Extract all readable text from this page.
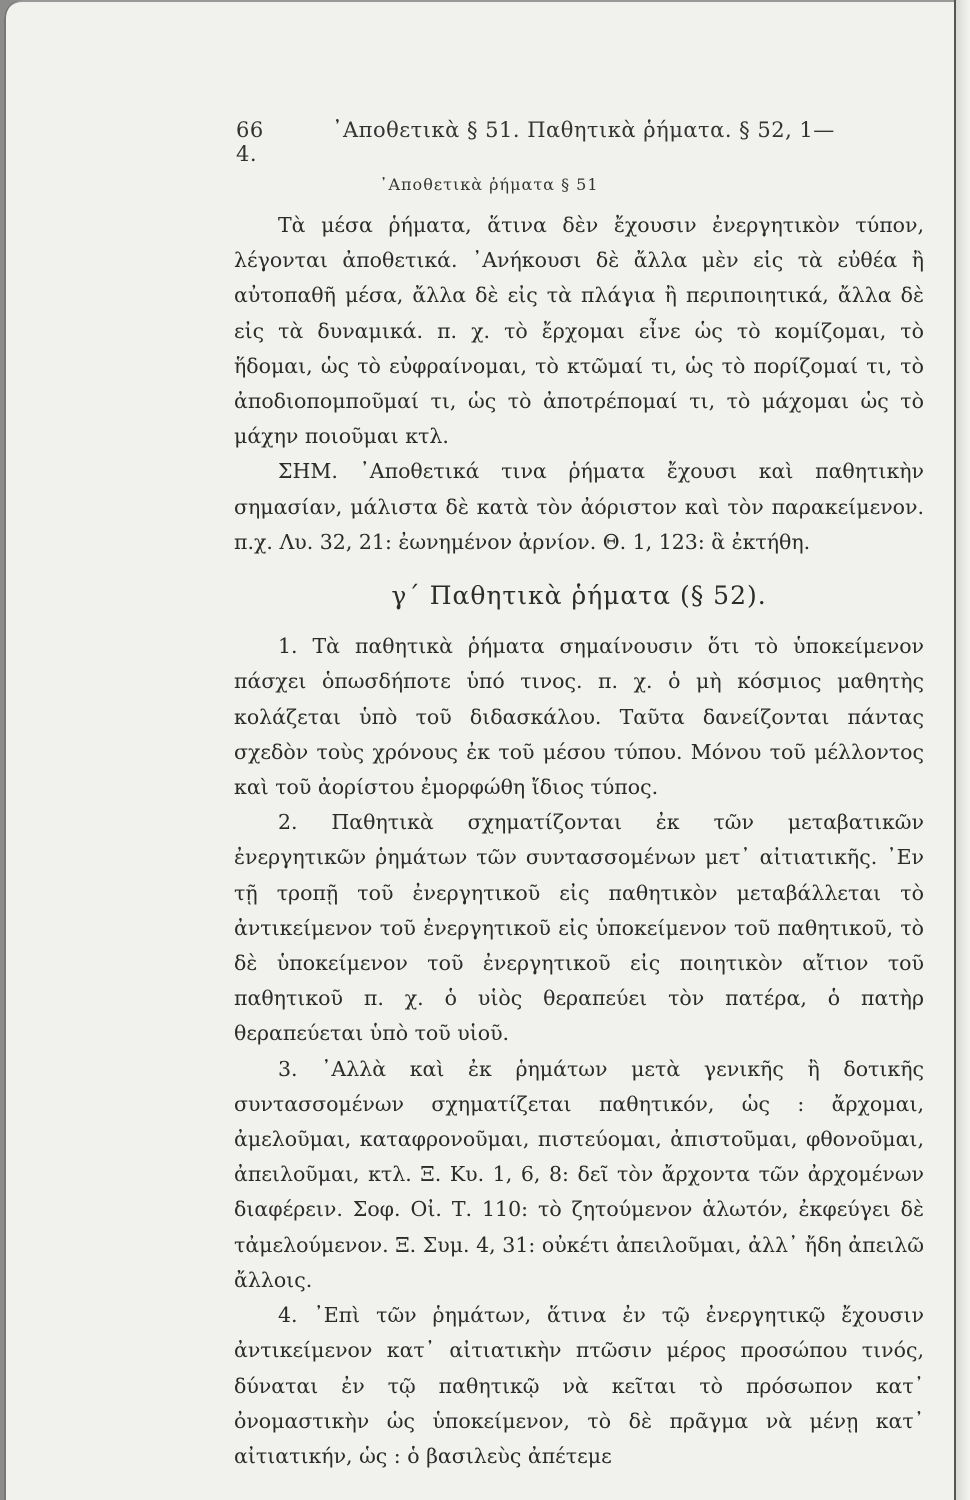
66	᾿Αποθετικὰ § 51. Παθητικὰ ῥήματα. § 52, 1—4.
᾿Αποθετικὰ ῥήματα § 51

Τὰ μέσα ῥήματα, ἅτινα δὲν ἔχουσιν ἐνεργητικὸν τύπον, λέγονται ἀποθετικά. ᾿Ανήκουσι δὲ ἄλλα μὲν εἰς τὰ εὐθέα ἢ αὐτοπαθῆ μέσα, ἄλλα δὲ εἰς τὰ πλάγια ἢ περιποιητικά, ἄλλα δὲ εἰς τὰ δυναμικά. π. χ. τὸ ἔρχομαι εἶνε ὡς τὸ κομίζομαι, τὸ ἥδομαι, ὡς τὸ εὐφραίνομαι, τὸ κτῶμαί τι, ὡς τὸ πορίζομαί τι, τὸ ἀποδιοπομποῦμαί τι, ὡς τὸ ἀποτρέπομαί τι, τὸ μάχομαι ὡς τὸ μάχην ποιοῦμαι κτλ.

ΣΗΜ. ᾿Αποθετικά τινα ῥήματα ἔχουσι καὶ παθητικὴν σημασίαν, μάλιστα δὲ κατὰ τὸν ἀόριστον καὶ τὸν παρακείμενον. π.χ. Λυ. 32, 21: ἐωνημένον ἀρνίον. Θ. 1, 123: ἃ ἐκτήθη.

γ΄ Παθητικὰ ῥήματα (§ 52).

1. Τὰ παθητικὰ ῥήματα σημαίνουσιν ὅτι τὸ ὑποκείμενον πάσχει ὁπωσδήποτε ὑπό τινος. π. χ. ὁ μὴ κόσμιος μαθητὴς κολάζεται ὑπὸ τοῦ διδασκάλου. Ταῦτα δανείζονται πάντας σχεδὸν τοὺς χρόνους ἐκ τοῦ μέσου τύπου. Μόνου τοῦ μέλλοντος καὶ τοῦ ἀορίστου ἐμορφώθη ἴδιος τύπος.

2. Παθητικὰ σχηματίζονται ἐκ τῶν μεταβατικῶν ἐνεργητικῶν ῥημάτων τῶν συντασσομένων μετ᾿ αἰτιατικῆς. ᾿Εν τῇ τροπῇ τοῦ ἐνεργητικοῦ εἰς παθητικὸν μεταβάλλεται τὸ ἀντικείμενον τοῦ ἐνεργητικοῦ εἰς ὑποκείμενον τοῦ παθητικοῦ, τὸ δὲ ὑποκείμενον τοῦ ἐνεργητικοῦ εἰς ποιητικὸν αἴτιον τοῦ παθητικοῦ π. χ. ὁ υἱὸς θεραπεύει τὸν πατέρα, ὁ πατὴρ θεραπεύεται ὑπὸ τοῦ υἱοῦ.

3. ᾿Αλλὰ καὶ ἐκ ῥημάτων μετὰ γενικῆς ἢ δοτικῆς συντασσομένων σχηματίζεται παθητικόν, ὡς : ἄρχομαι, ἀμελοῦμαι, καταφρονοῦμαι, πιστεύομαι, ἀπιστοῦμαι, φθονοῦμαι, ἀπειλοῦμαι, κτλ. Ξ. Κυ. 1, 6, 8: δεῖ τὸν ἄρχοντα τῶν ἀρχομένων διαφέρειν. Σοφ. Οἰ. Τ. 110: τὸ ζητούμενον ἁλωτόν, ἐκφεύγει δὲ τἀμελούμενον. Ξ. Συμ. 4, 31: οὐκέτι ἀπειλοῦμαι, ἀλλ᾿ ἤδη ἀπειλῶ ἄλλοις.

4. ᾿Επὶ τῶν ῥημάτων, ἅτινα ἐν τῷ ἐνεργητικῷ ἔχουσιν ἀντικείμενον κατ᾿ αἰτιατικὴν πτῶσιν μέρος προσώπου τινός, δύναται ἐν τῷ παθητικῷ νὰ κεῖται τὸ πρόσωπον κατ᾿ ὀνομαστικὴν ὡς ὑποκείμενον, τὸ δὲ πρᾶγμα νὰ μένῃ κατ᾿ αἰτιατικήν, ὡς : ὁ βασιλεὺς ἀπέτεμε
